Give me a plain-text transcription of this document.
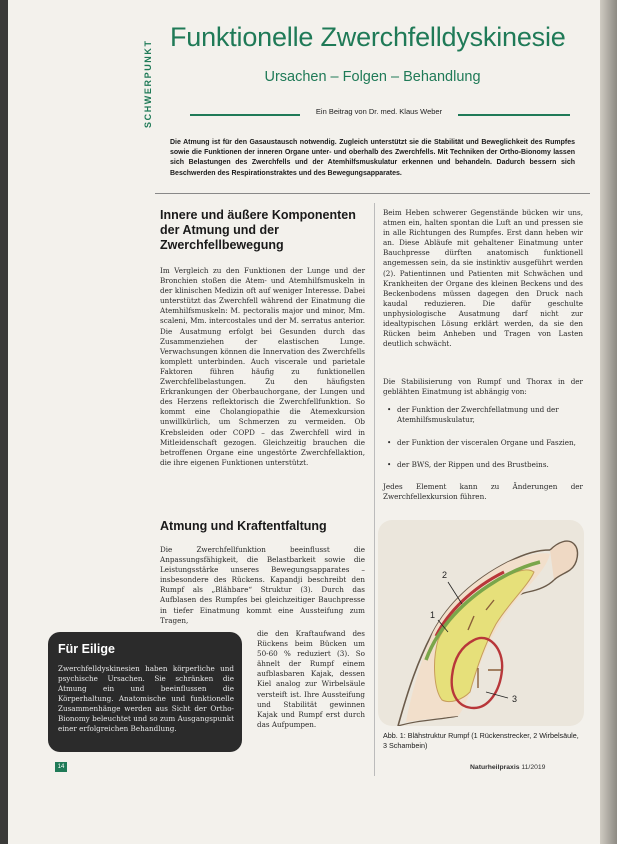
SCHWERPUNKT
Funktionelle Zwerchfelldyskinesie
Ursachen – Folgen – Behandlung
Ein Beitrag von Dr. med. Klaus Weber
Die Atmung ist für den Gasaustausch notwendig. Zugleich unterstützt sie die Stabilität und Beweglichkeit des Rumpfes sowie die Funktionen der inneren Organe unter- und oberhalb des Zwerchfells. Mit Techniken der Ortho-Bionomy lassen sich Belastungen des Zwerchfells und der Atemhilfsmuskulatur erkennen und behandeln. Dadurch bessern sich Beschwerden des Respirationstraktes und des Bewegungsapparates.
Innere und äußere Komponenten der Atmung und der Zwerchfellbewegung
Im Vergleich zu den Funktionen der Lunge und der Bronchien stoßen die Atem- und Atemhilfsmuskeln in der klinischen Medizin oft auf weniger Interesse. Dabei unterstützt das Zwerchfell während der Einatmung die Atemhilfsmuskeln: M. pectoralis major und minor, Mm. scaleni, Mm. intercostales und der M. serratus anterior. Die Ausatmung erfolgt bei Gesunden durch das Zusammenziehen der elastischen Lunge. Verwachsungen können die Innervation des Zwerchfells komplett unterbinden. Auch viscerale und parietale Faktoren führen häufig zu funktionellen Zwerchfellbelastungen. Zu den häufigsten Erkrankungen der Oberbauchorgane, der Lungen und des Herzens reflektorisch die Zwerchfellfunktion. So kommt eine Cholangiopathie die Atemexkursion unwillkürlich, um Schmerzen zu vermeiden. Ob Krebsleiden oder COPD – das Zwerchfell wird in Mitleidenschaft gezogen. Gleichzeitig brauchen die betroffenen Organe eine ungestörte Zwerchfellaktion, die ihre eigenen Funktionen unterstützt.
Atmung und Kraftentfaltung
Die Zwerchfellfunktion beeinflusst die Anpassungsfähigkeit, die Belastbarkeit sowie die Leistungsstärke unseres Bewegungsapparates – insbesondere des Rückens. Kapandji beschreibt den Rumpf als „Blähbare“ Struktur (3). Durch das Aufblasen des Rumpfes bei gleichzeitiger Bauchpresse in tiefer Einatmung kommt eine Aussteifung zum Tragen,
die den Kraftaufwand des Rückens beim Bücken um 50-60 % reduziert (3). So ähnelt der Rumpf einem aufblasbaren Kajak, dessen Kiel analog zur Wirbelsäule versteift ist. Ihre Aussteifung und Stabilität gewinnen Kajak und Rumpf erst durch das Aufpumpen.
Beim Heben schwerer Gegenstände bücken wir uns, atmen ein, halten spontan die Luft an und pressen sie in alle Richtungen des Rumpfes. Erst dann heben wir an. Diese Abläufe mit gehaltener Einatmung unter Bauchpresse dürften anatomisch funktionell angemessen sein, da sie instinktiv ausgeführt werden (2). Patientinnen und Patienten mit Schwächen und Krankheiten der Organe des kleinen Beckens und des Beckenbodens müssen dagegen den Druck nach kaudal reduzieren. Die dafür geschulte unphysiologische Ausatmung darf nicht zur idealtypischen Lösung erklärt werden, da sie den Rücken beim Anheben und Tragen von Lasten deutlich schwächt.
Die Stabilisierung von Rumpf und Thorax in der geblähten Einatmung ist abhängig von:
• der Funktion der Zwerchfellatmung und der Atemhilfsmuskulatur,
• der Funktion der visceralen Organe und Faszien,
• der BWS, der Rippen und des Brustbeins.
Jedes Element kann zu Änderungen der Zwerchfellexkursion führen.
2
1
3
Abb. 1: Blähstruktur Rumpf (1 Rückenstrecker, 2 Wirbelsäule, 3 Schambein)
Für Eilige
Zwerchfelldyskinesien haben körperliche und psychische Ursachen. Sie schränken die Atmung ein und beeinflussen die Körperhaltung. Anatomische und funktionelle Zusammenhänge werden aus Sicht der Ortho-Bionomy beleuchtet und so zum Ausgangspunkt einer erfolgreichen Behandlung.
14	Naturheilpraxis 11/2019
